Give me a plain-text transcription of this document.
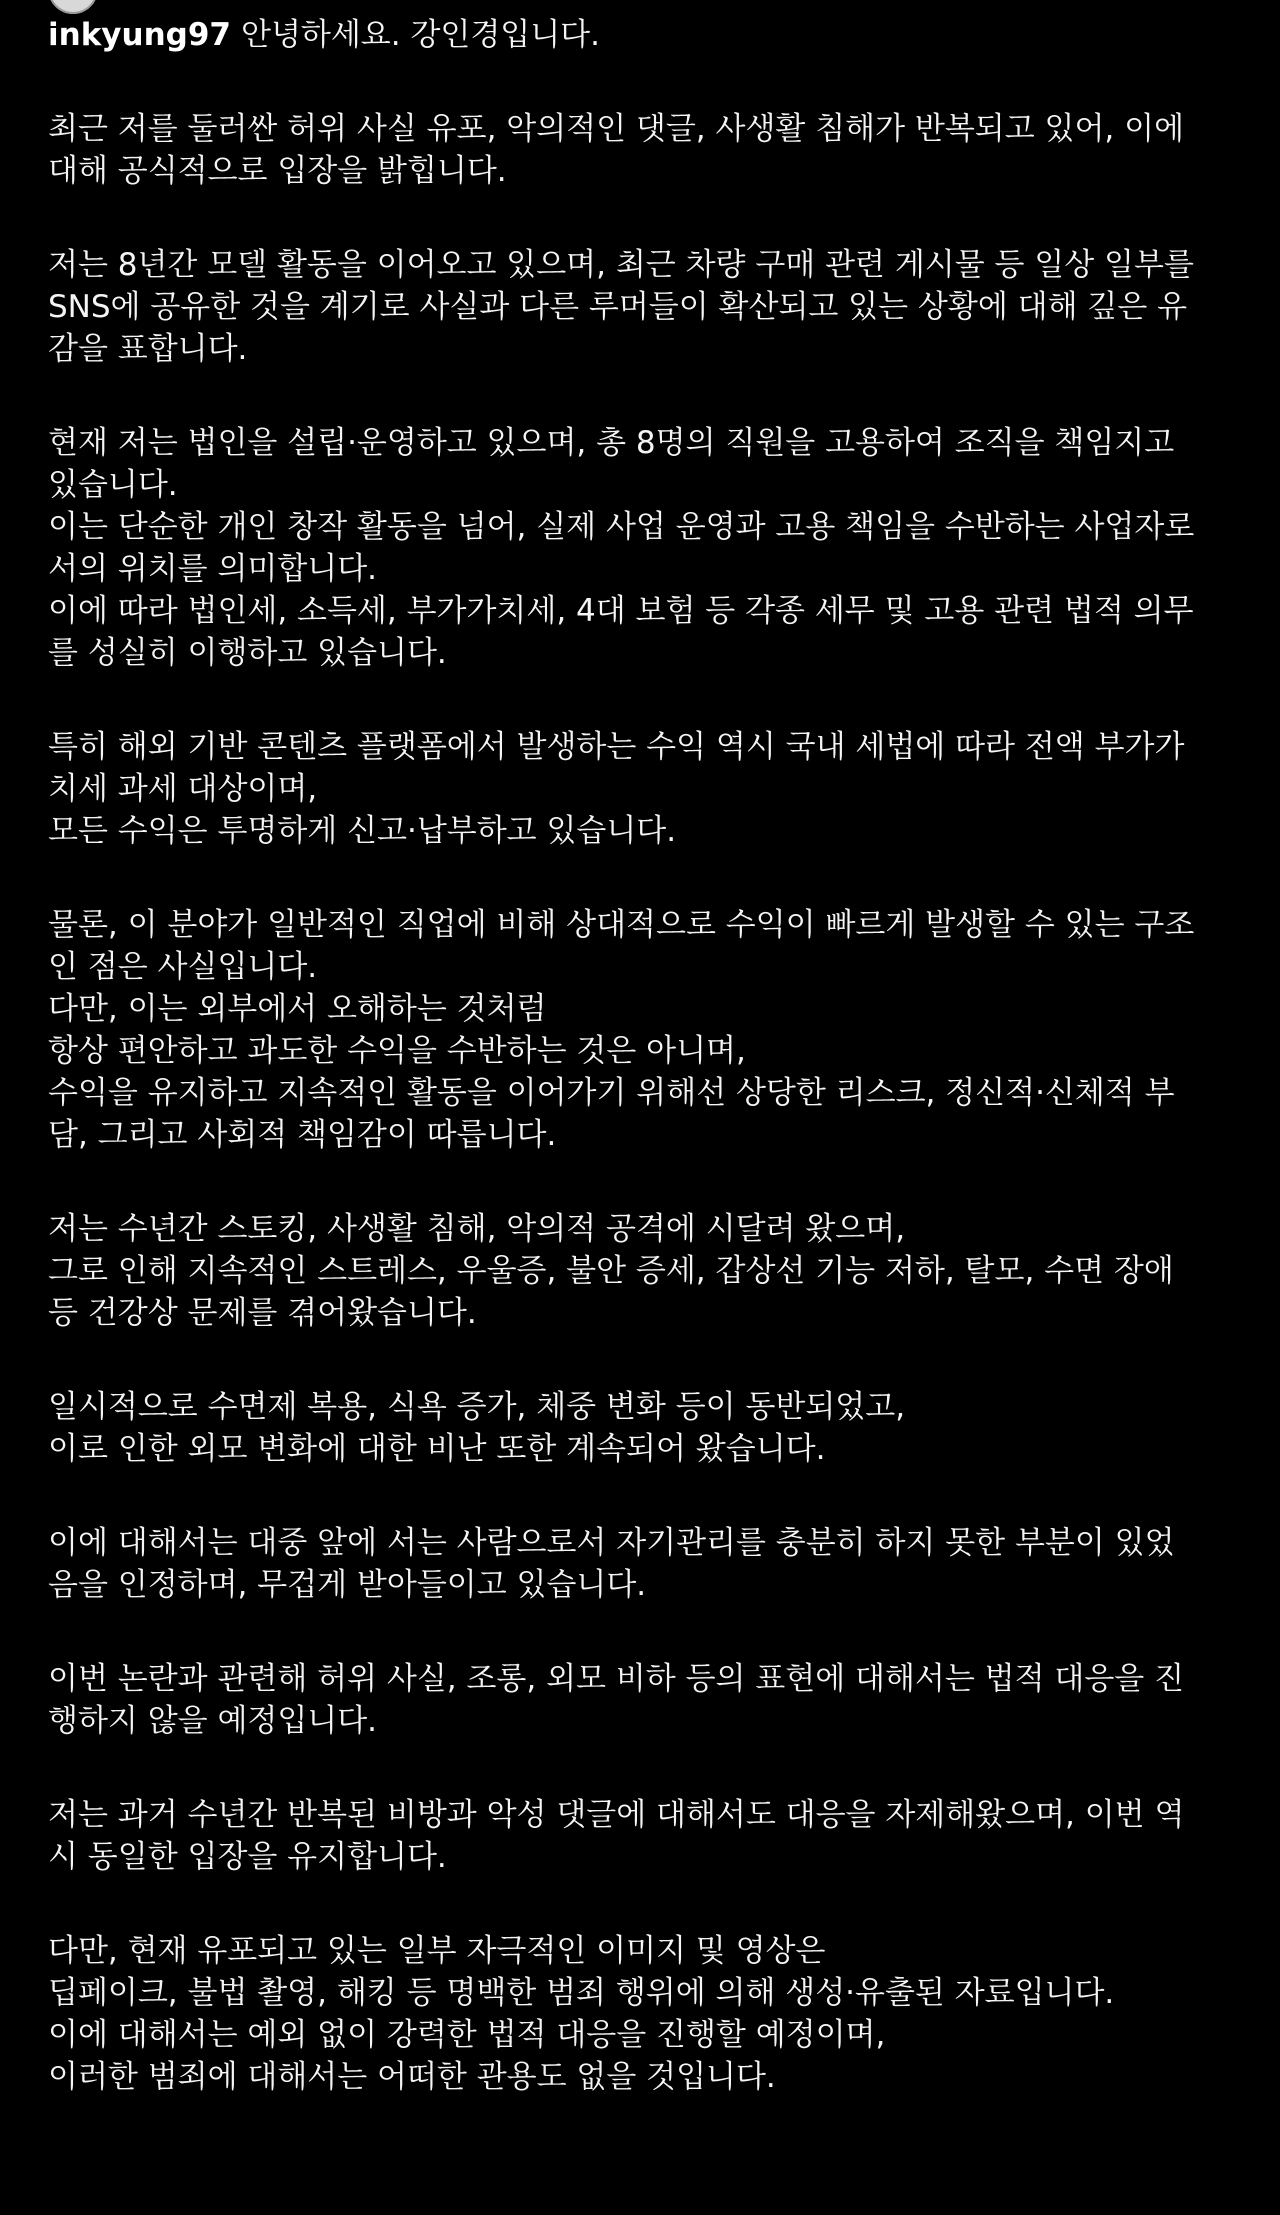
inkyung97 안녕하세요. 강인경입니다.

최근 저를 둘러싼 허위 사실 유포, 악의적인 댓글, 사생활 침해가 반복되고 있어, 이에

대해 공식적으로 입장을 밝힙니다.

저는 8년간 모델 활동을 이어오고 있으며, 최근 차량 구매 관련 게시물 등 일상 일부를

SNS에 공유한 것을 계기로 사실과 다른 루머들이 확산되고 있는 상황에 대해 깊은 유

감을 표합니다.

현재 저는 법인을 설립·운영하고 있으며, 총 8명의 직원을 고용하여 조직을 책임지고

있습니다.

이는 단순한 개인 창작 활동을 넘어, 실제 사업 운영과 고용 책임을 수반하는 사업자로

서의 위치를 의미합니다.

이에 따라 법인세, 소득세, 부가가치세, 4대 보험 등 각종 세무 및 고용 관련 법적 의무

를 성실히 이행하고 있습니다.

특히 해외 기반 콘텐츠 플랫폼에서 발생하는 수익 역시 국내 세법에 따라 전액 부가가

치세 과세 대상이며,

모든 수익은 투명하게 신고·납부하고 있습니다.

물론, 이 분야가 일반적인 직업에 비해 상대적으로 수익이 빠르게 발생할 수 있는 구조

인 점은 사실입니다.

다만, 이는 외부에서 오해하는 것처럼

항상 편안하고 과도한 수익을 수반하는 것은 아니며,

수익을 유지하고 지속적인 활동을 이어가기 위해선 상당한 리스크, 정신적·신체적 부

담, 그리고 사회적 책임감이 따릅니다.

저는 수년간 스토킹, 사생활 침해, 악의적 공격에 시달려 왔으며,

그로 인해 지속적인 스트레스, 우울증, 불안 증세, 갑상선 기능 저하, 탈모, 수면 장애

등 건강상 문제를 겪어왔습니다.

일시적으로 수면제 복용, 식욕 증가, 체중 변화 등이 동반되었고,

이로 인한 외모 변화에 대한 비난 또한 계속되어 왔습니다.

이에 대해서는 대중 앞에 서는 사람으로서 자기관리를 충분히 하지 못한 부분이 있었

음을 인정하며, 무겁게 받아들이고 있습니다.

이번 논란과 관련해 허위 사실, 조롱, 외모 비하 등의 표현에 대해서는 법적 대응을 진

행하지 않을 예정입니다.

저는 과거 수년간 반복된 비방과 악성 댓글에 대해서도 대응을 자제해왔으며, 이번 역

시 동일한 입장을 유지합니다.

다만, 현재 유포되고 있는 일부 자극적인 이미지 및 영상은

딥페이크, 불법 촬영, 해킹 등 명백한 범죄 행위에 의해 생성·유출된 자료입니다.

이에 대해서는 예외 없이 강력한 법적 대응을 진행할 예정이며,

이러한 범죄에 대해서는 어떠한 관용도 없을 것입니다.
